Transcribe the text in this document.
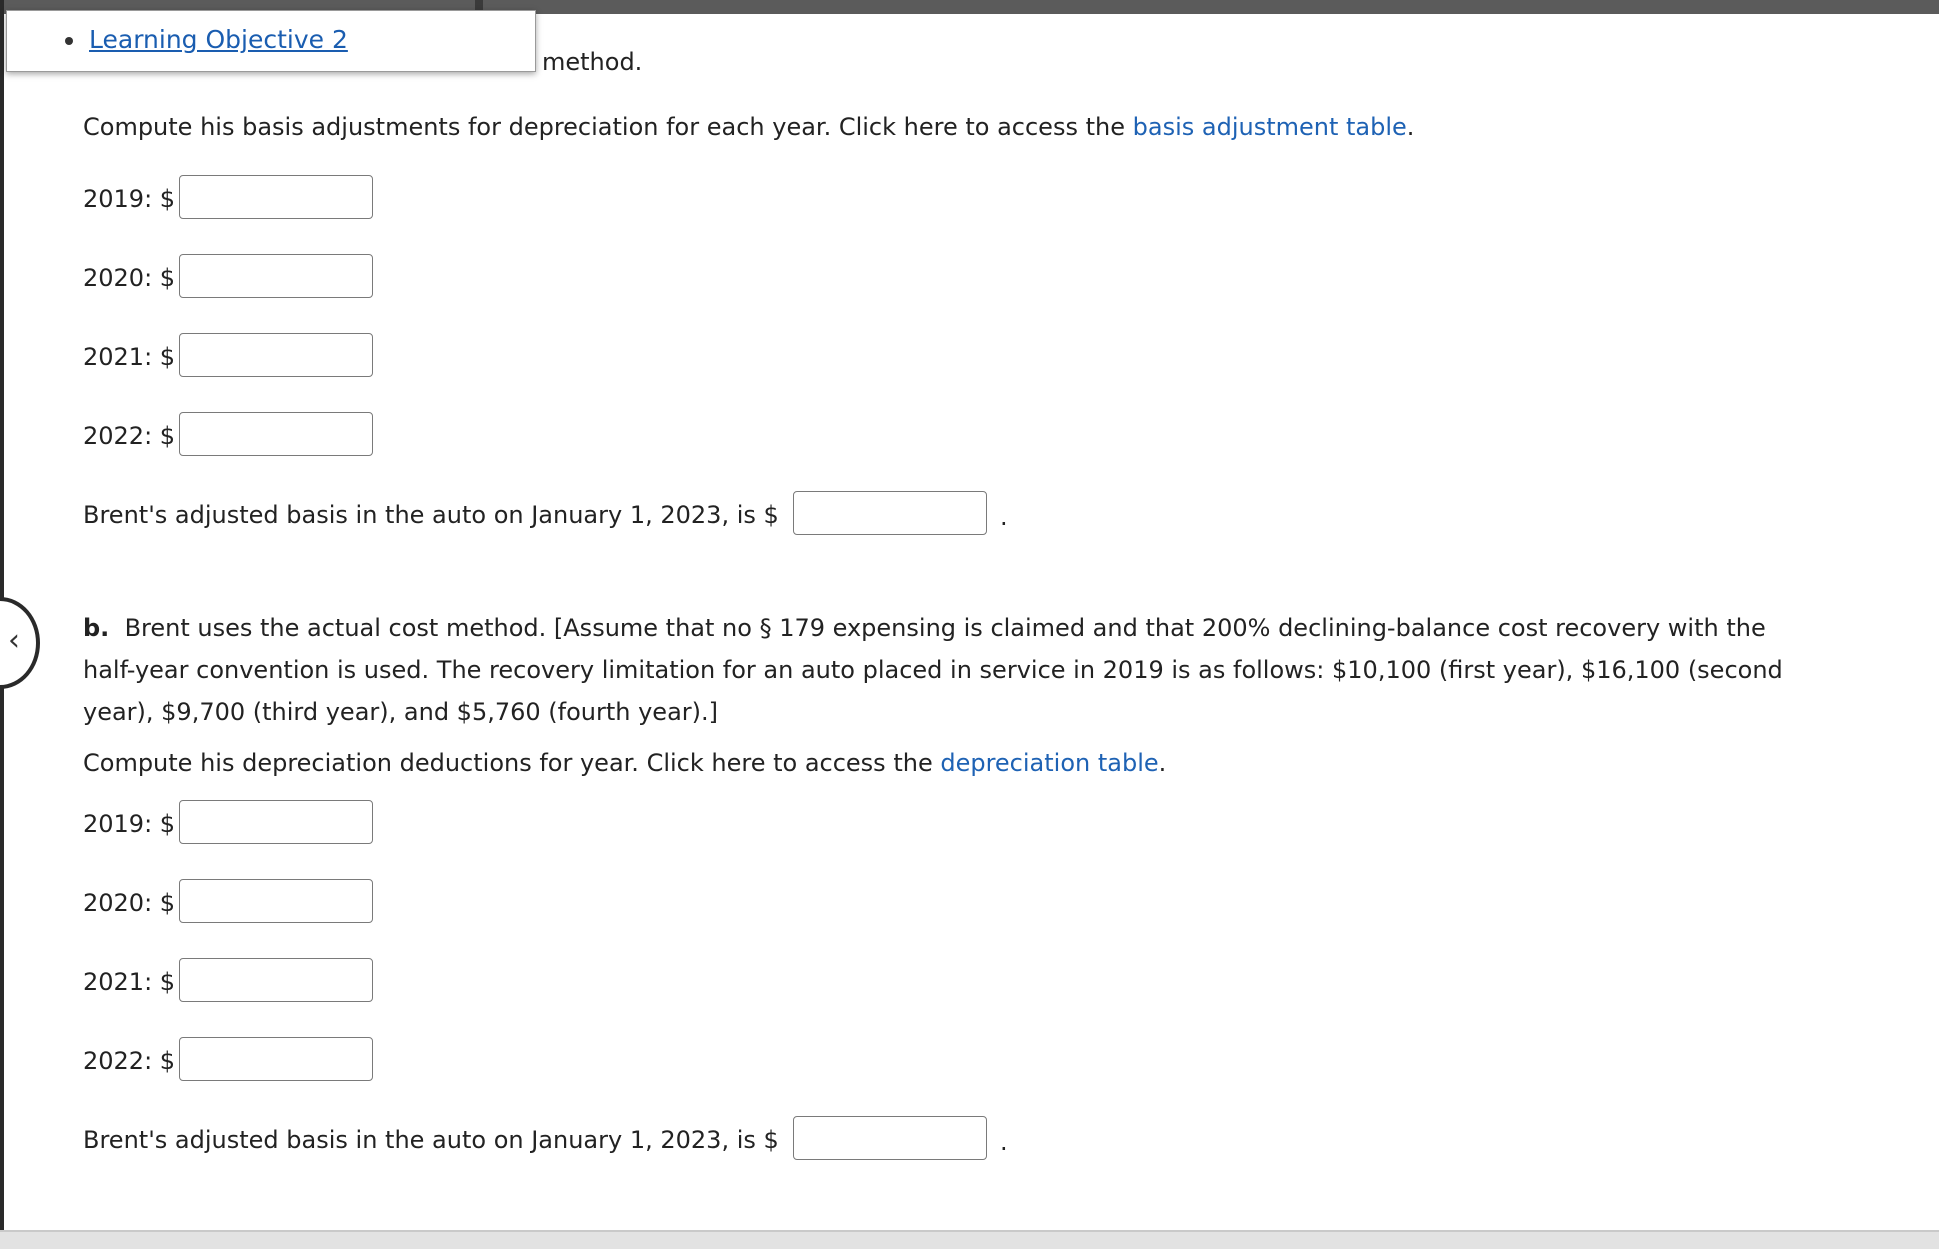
‹
Learning Objective 2
method.
Compute his basis adjustments for depreciation for each year. Click here to access the basis adjustment table.
2019: $
2020: $
2021: $
2022: $
Brent's adjusted basis in the auto on January 1, 2023, is $	.
b. Brent uses the actual cost method. [Assume that no § 179 expensing is claimed and that 200% declining-balance cost recovery with the half-year convention is used. The recovery limitation for an auto placed in service in 2019 is as follows: $10,100 (first year), $16,100 (second year), $9,700 (third year), and $5,760 (fourth year).]
Compute his depreciation deductions for year. Click here to access the depreciation table.
2019: $
2020: $
2021: $
2022: $
Brent's adjusted basis in the auto on January 1, 2023, is $	.
